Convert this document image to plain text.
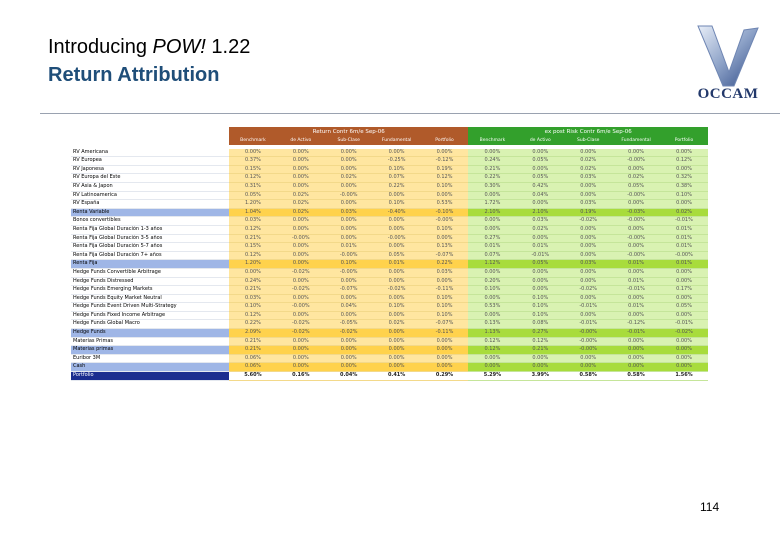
Introducing POW! 1.22
Return Attribution
OCCAM
	Return Contr 6m/e Sep-06					ex post Risk Contr 6m/e Sep-06				
	Benchmark	de Activo	Sub-Clase	Fundamental	Portfolio	Benchmark	de Activo	Sub-Clase	Fundamental	Portfolio

RV Americana	0.00%	0.00%	0.00%	0.00%	0.00%	0.00%	0.00%	0.00%	0.00%	0.00%
RV Europea	0.37%	0.00%	0.00%	-0.25%	-0.12%	0.24%	0.05%	0.02%	-0.00%	0.12%
RV Japonesa	0.15%	0.00%	0.00%	0.10%	0.19%	0.21%	0.00%	0.02%	0.00%	0.00%
RV Europa del Este	0.12%	0.00%	0.02%	0.07%	0.12%	0.22%	0.05%	0.03%	0.02%	0.32%
RV Asia & Japon	0.31%	0.00%	0.00%	0.22%	0.10%	0.30%	0.42%	0.00%	0.05%	0.38%
RV Latinoamerica	0.05%	0.02%	-0.00%	0.00%	0.00%	0.00%	0.04%	0.00%	-0.00%	0.10%
RV España	1.20%	0.02%	0.00%	0.10%	0.53%	1.72%	0.00%	0.03%	0.00%	0.00%
Renta Variable	1.04%	0.02%	0.03%	-0.40%	-0.10%	2.10%	2.10%	0.19%	-0.03%	0.02%
Bonos convertibles	0.03%	0.00%	0.00%	0.00%	-0.00%	0.00%	0.03%	-0.02%	-0.00%	-0.01%
Renta Fija Global Duración 1-3 años	0.12%	0.00%	0.00%	0.00%	0.10%	0.00%	0.02%	0.00%	0.00%	0.01%
Renta Fija Global Duración 3-5 años	0.21%	-0.00%	0.00%	-0.00%	0.00%	0.27%	0.00%	0.00%	-0.00%	0.01%
Renta Fija Global Duración 5-7 años	0.15%	0.00%	0.01%	0.00%	0.13%	0.01%	0.01%	0.00%	0.00%	0.01%
Renta Fija Global Duración 7+ años	0.12%	0.00%	-0.00%	0.05%	-0.07%	0.07%	-0.01%	0.00%	-0.00%	-0.00%
Renta Fija	1.20%	0.00%	0.10%	0.01%	0.22%	1.12%	0.05%	0.03%	0.01%	0.01%
Hedge Funds Convertible Arbitrage	0.00%	-0.02%	-0.00%	0.00%	0.03%	0.00%	0.00%	0.00%	0.00%	0.00%
Hedge Funds Distressed	0.24%	0.00%	0.00%	0.00%	0.00%	0.20%	0.00%	0.00%	0.01%	0.00%
Hedge Funds Emerging Markets	0.21%	-0.02%	-0.07%	-0.02%	-0.11%	0.10%	0.00%	-0.02%	-0.01%	0.17%
Hedge Funds Equity Market Neutral	0.03%	0.00%	0.00%	0.00%	0.10%	0.00%	0.10%	0.00%	0.00%	0.00%
Hedge Funds Event Driven Multi-Strategy	0.10%	-0.00%	0.04%	0.10%	0.10%	0.53%	0.10%	-0.01%	0.01%	0.05%
Hedge Funds Fixed Income Arbitrage	0.12%	0.00%	0.00%	0.00%	0.10%	0.00%	0.10%	0.00%	0.00%	0.00%
Hedge Funds Global Macro	0.22%	-0.02%	-0.05%	0.02%	-0.07%	0.13%	0.08%	-0.01%	-0.12%	-0.01%
Hedge Funds	2.09%	-0.02%	-0.02%	0.00%	-0.11%	1.13%	0.27%	-0.00%	-0.01%	-0.02%
Materias Primas	0.21%	0.00%	0.00%	0.00%	0.00%	0.12%	0.12%	-0.00%	0.00%	0.00%
Materias primas	0.21%	0.00%	0.00%	0.00%	0.00%	0.12%	0.21%	-0.00%	0.00%	0.00%
Euribor 3M	0.06%	0.00%	0.00%	0.00%	0.00%	0.00%	0.00%	0.00%	0.00%	0.00%
Cash	0.06%	0.00%	0.00%	0.00%	0.00%	0.00%	0.00%	0.00%	0.00%	0.00%
Portfolio	5.60%	0.16%	0.04%	0.41%	0.29%	5.29%	3.99%	0.58%	0.58%	1.56%
114
